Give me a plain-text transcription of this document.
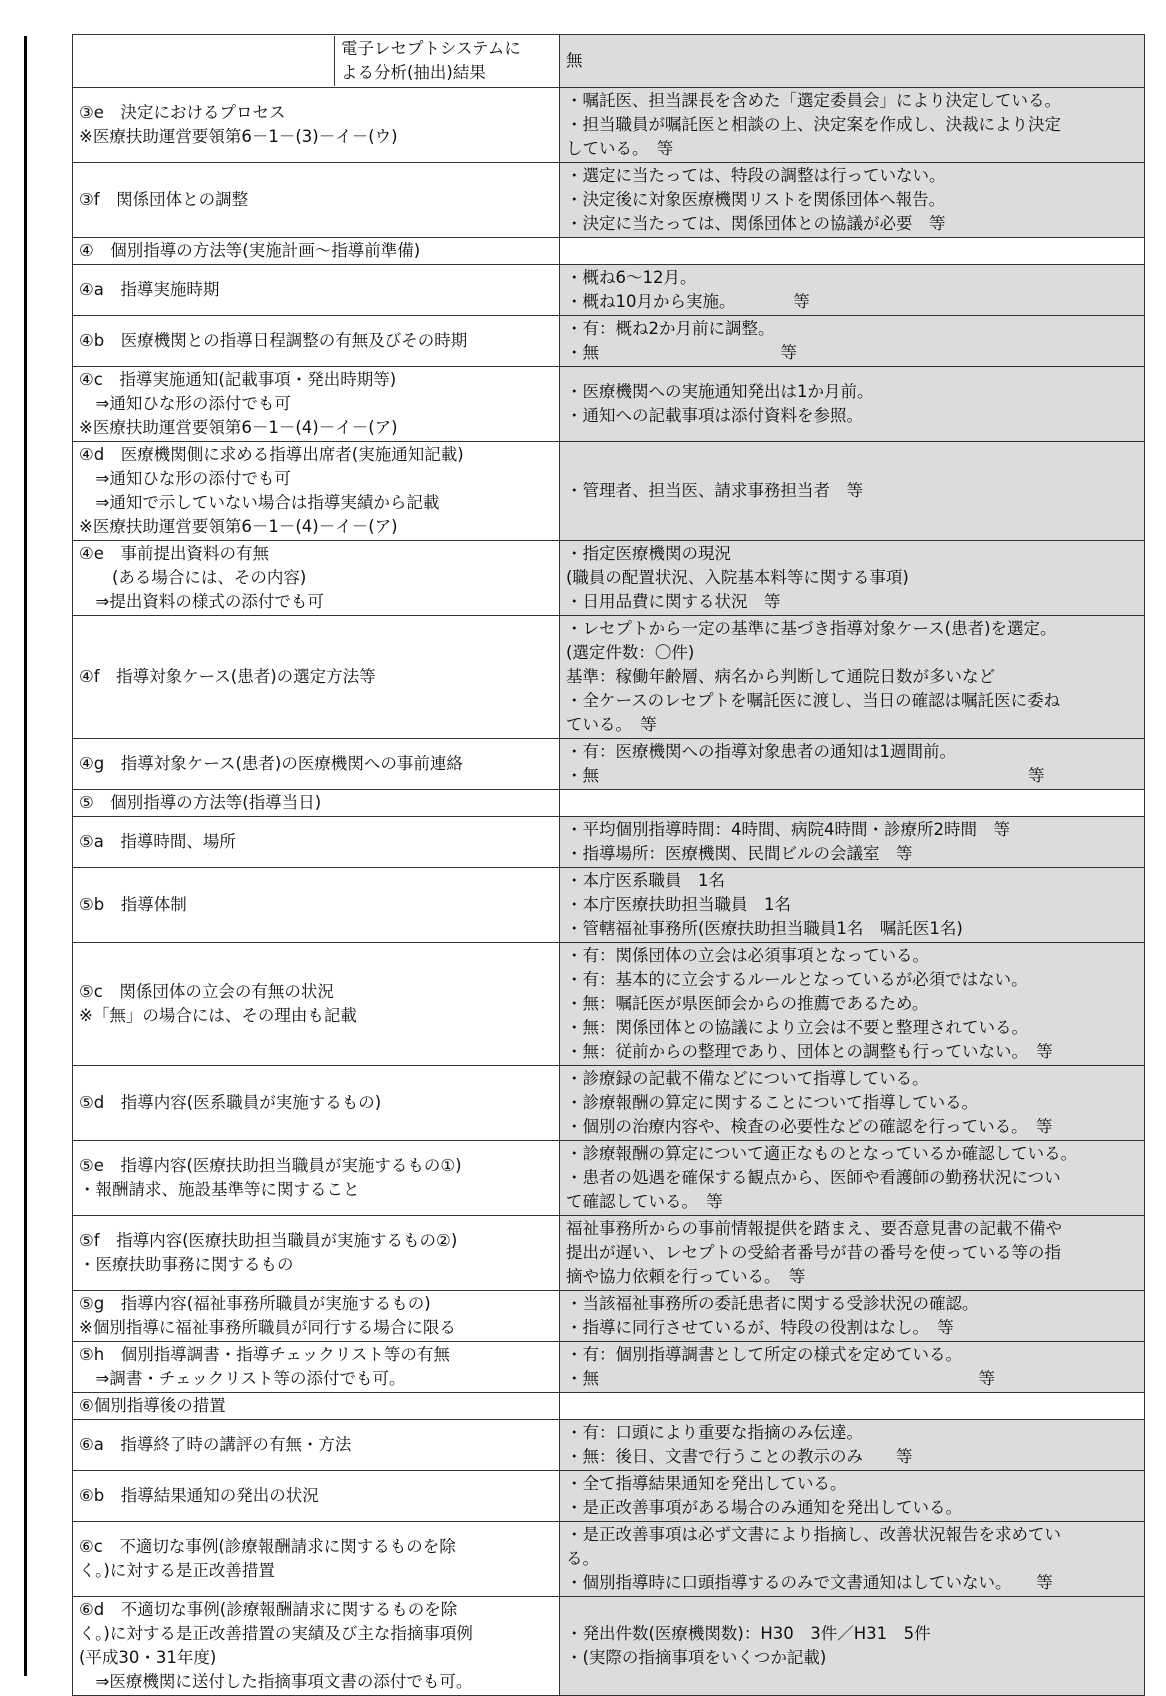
電子レセプトシステムに
よる分析(抽出)結果	無

③e　決定におけるプロセス
※医療扶助運営要領第6－1－(3)－イ－(ウ)	・嘱託医、担当課長を含めた「選定委員会」により決定している。
・担当職員が嘱託医と相談の上、決定案を作成し、決裁により決定
している。　等

③f　関係団体との調整	・選定に当たっては、特段の調整は行っていない。
・決定後に対象医療機関リストを関係団体へ報告。
・決定に当たっては、関係団体との協議が必要　等

④　個別指導の方法等(実施計画～指導前準備)	

④a　指導実施時期	・概ね6～12月。
・概ね10月から実施。　　　　等

④b　医療機関との指導日程調整の有無及びその時期	・有：概ね2か月前に調整。
・無　　　　　　　　　　　等

④c　指導実施通知(記載事項・発出時期等)
　⇒通知ひな形の添付でも可
※医療扶助運営要領第6－1－(4)－イ－(ア)	・医療機関への実施通知発出は1か月前。
・通知への記載事項は添付資料を参照。

④d　医療機関側に求める指導出席者(実施通知記載)
　⇒通知ひな形の添付でも可
　⇒通知で示していない場合は指導実績から記載
※医療扶助運営要領第6－1－(4)－イ－(ア)	・管理者、担当医、請求事務担当者　等

④e　事前提出資料の有無
　　(ある場合には、その内容)
　⇒提出資料の様式の添付でも可	・指定医療機関の現況
(職員の配置状況、入院基本料等に関する事項)
・日用品費に関する状況　等

④f　指導対象ケース(患者)の選定方法等	・レセプトから一定の基準に基づき指導対象ケース(患者)を選定。
(選定件数：〇件)
基準：稼働年齢層、病名から判断して通院日数が多いなど
・全ケースのレセプトを嘱託医に渡し、当日の確認は嘱託医に委ね
ている。　等

④g　指導対象ケース(患者)の医療機関への事前連絡	・有：医療機関への指導対象患者の通知は1週間前。
・無　　　　　　　　　　　　　　　　　　　　　　　　　　等

⑤　個別指導の方法等(指導当日)	

⑤a　指導時間、場所	・平均個別指導時間：4時間、病院4時間・診療所2時間　等
・指導場所：医療機関、民間ビルの会議室　等

⑤b　指導体制	・本庁医系職員　1名
・本庁医療扶助担当職員　1名
・管轄福祉事務所(医療扶助担当職員1名　嘱託医1名)

⑤c　関係団体の立会の有無の状況
※「無」の場合には、その理由も記載	・有：関係団体の立会は必須事項となっている。
・有：基本的に立会するルールとなっているが必須ではない。
・無：嘱託医が県医師会からの推薦であるため。
・無：関係団体との協議により立会は不要と整理されている。
・無：従前からの整理であり、団体との調整も行っていない。　等

⑤d　指導内容(医系職員が実施するもの)	・診療録の記載不備などについて指導している。
・診療報酬の算定に関することについて指導している。
・個別の治療内容や、検査の必要性などの確認を行っている。　等

⑤e　指導内容(医療扶助担当職員が実施するもの①)
・報酬請求、施設基準等に関すること	・診療報酬の算定について適正なものとなっているか確認している。
・患者の処遇を確保する観点から、医師や看護師の勤務状況につい
て確認している。　等

⑤f　指導内容(医療扶助担当職員が実施するもの②)
・医療扶助事務に関するもの	福祉事務所からの事前情報提供を踏まえ、要否意見書の記載不備や
提出が遅い、レセプトの受給者番号が昔の番号を使っている等の指
摘や協力依頼を行っている。　等

⑤g　指導内容(福祉事務所職員が実施するもの)
※個別指導に福祉事務所職員が同行する場合に限る	・当該福祉事務所の委託患者に関する受診状況の確認。
・指導に同行させているが、特段の役割はなし。　等

⑤h　個別指導調書・指導チェックリスト等の有無
　⇒調書・チェックリスト等の添付でも可。	・有：個別指導調書として所定の様式を定めている。
・無　　　　　　　　　　　　　　　　　　　　　　　等

⑥個別指導後の措置	

⑥a　指導終了時の講評の有無・方法	・有：口頭により重要な指摘のみ伝達。
・無：後日、文書で行うことの教示のみ　　等

⑥b　指導結果通知の発出の状況	・全て指導結果通知を発出している。
・是正改善事項がある場合のみ通知を発出している。

⑥c　不適切な事例(診療報酬請求に関するものを除
く。)に対する是正改善措置	・是正改善事項は必ず文書により指摘し、改善状況報告を求めてい
る。
・個別指導時に口頭指導するのみで文書通知はしていない。　　等

⑥d　不適切な事例(診療報酬請求に関するものを除
く。)に対する是正改善措置の実績及び主な指摘事項例
(平成30・31年度)
　⇒医療機関に送付した指摘事項文書の添付でも可。	・発出件数(医療機関数)：H30　3件／H31　5件
・(実際の指摘事項をいくつか記載)
